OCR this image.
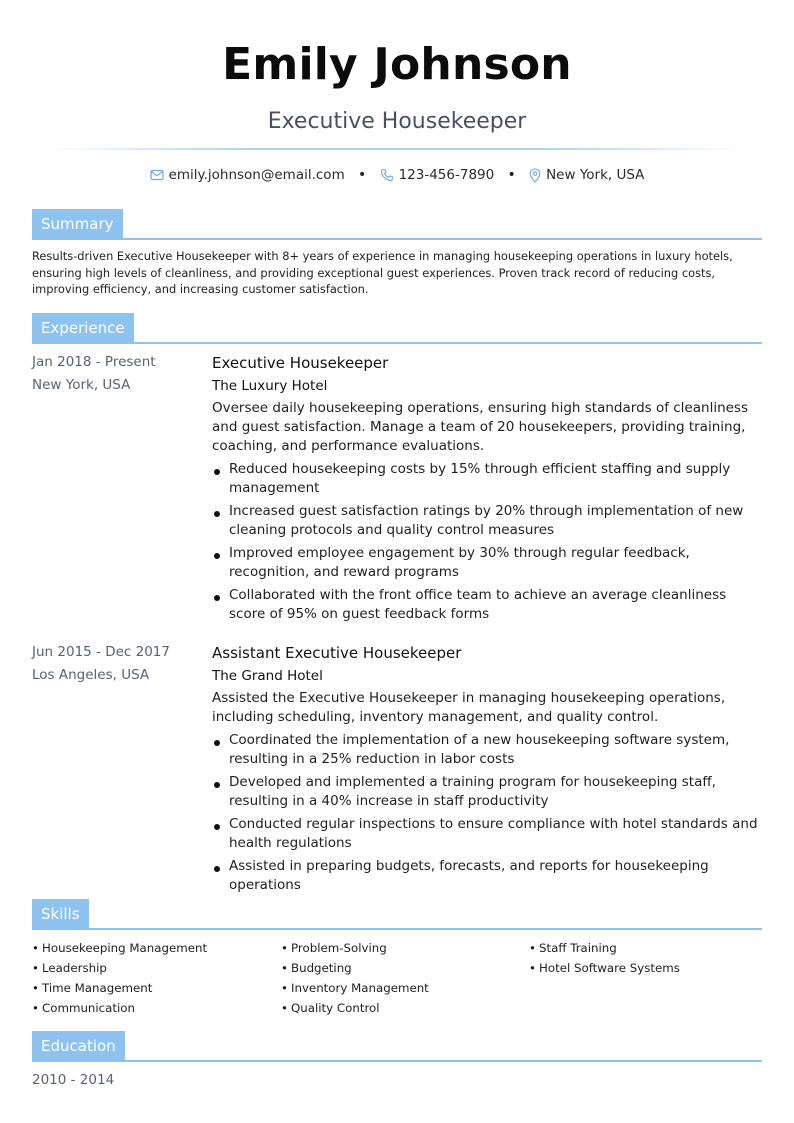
Emily Johnson
Executive Housekeeper
emily.johnson@email.com • 123-456-7890 • New York, USA
Summary
Results-driven Executive Housekeeper with 8+ years of experience in managing housekeeping operations in luxury hotels, ensuring high levels of cleanliness, and providing exceptional guest experiences. Proven track record of reducing costs, improving efficiency, and increasing customer satisfaction.
Experience
Jan 2018 - Present
New York, USA
Executive Housekeeper
The Luxury Hotel
Oversee daily housekeeping operations, ensuring high standards of cleanliness and guest satisfaction. Manage a team of 20 housekeepers, providing training, coaching, and performance evaluations.
Reduced housekeeping costs by 15% through efficient staffing and supply management
Increased guest satisfaction ratings by 20% through implementation of new cleaning protocols and quality control measures
Improved employee engagement by 30% through regular feedback, recognition, and reward programs
Collaborated with the front office team to achieve an average cleanliness score of 95% on guest feedback forms
Jun 2015 - Dec 2017
Los Angeles, USA
Assistant Executive Housekeeper
The Grand Hotel
Assisted the Executive Housekeeper in managing housekeeping operations, including scheduling, inventory management, and quality control.
Coordinated the implementation of a new housekeeping software system, resulting in a 25% reduction in labor costs
Developed and implemented a training program for housekeeping staff, resulting in a 40% increase in staff productivity
Conducted regular inspections to ensure compliance with hotel standards and health regulations
Assisted in preparing budgets, forecasts, and reports for housekeeping operations
Skills
• Housekeeping Management
• Leadership
• Time Management
• Communication
• Problem-Solving
• Budgeting
• Inventory Management
• Quality Control
• Staff Training
• Hotel Software Systems
Education
2010 - 2014
